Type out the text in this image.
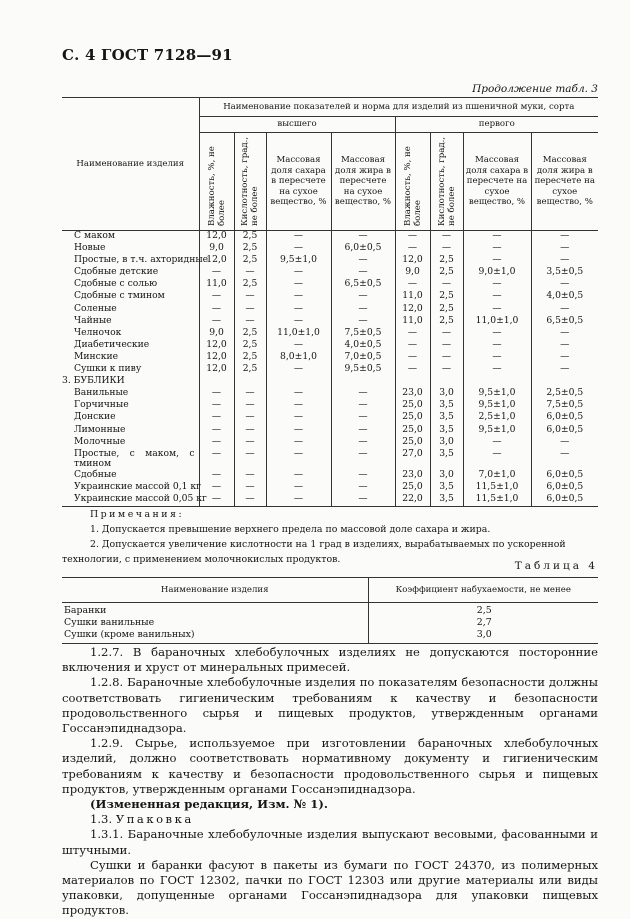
С. 4 ГОСТ 7128—91
Продолжение табл. 3
Наименование изделия	Наименование показателей и норма для изделий из пшеничной муки, сорта							
	высшего				первого			
	Влажность, %, не более	Кислотность, град., не более	Массовая доля сахара в пересчете на сухое вещество, %	Массовая доля жира в пересчете на сухое вещество, %	Влажность, %, не более	Кислотность, град., не более	Массовая доля сахара в пересчете на сухое вещество, %	Массовая доля жира в пересчете на сухое вещество, %
С маком	12,0	2,5	—	—	—	—	—	—
Новые	9,0	2,5	—	6,0±0,5	—	—	—	—
Простые, в т.ч. ахторидные	12,0	2,5	9,5±1,0	—	12,0	2,5	—	—
Сдобные детские	—	—	—	—	9,0	2,5	9,0±1,0	3,5±0,5
Сдобные с солью	11,0	2,5	—	6,5±0,5	—	—	—	—
Сдобные с тмином	—	—	—	—	11,0	2,5	—	4,0±0,5
Соленые	—	—	—	—	12,0	2,5	—	—
Чайные	—	—	—	—	11,0	2,5	11,0±1,0	6,5±0,5
Челночок	9,0	2,5	11,0±1,0	7,5±0,5	—	—	—	—
Диабетические	12,0	2,5	—	4,0±0,5	—	—	—	—
Минские	12,0	2,5	8,0±1,0	7,0±0,5	—	—	—	—
Сушки к пиву	12,0	2,5	—	9,5±0,5	—	—	—	—
3. БУБЛИКИ								
Ванильные	—	—	—	—	23,0	3,0	9,5±1,0	2,5±0,5
Горчичные	—	—	—	—	25,0	3,5	9,5±1,0	7,5±0,5
Донские	—	—	—	—	25,0	3,5	2,5±1,0	6,0±0,5
Лимонные	—	—	—	—	25,0	3,5	9,5±1,0	6,0±0,5
Молочные	—	—	—	—	25,0	3,0	—	—
Простые, с маком, с тмином	—	—	—	—	27,0	3,5	—	—
Сдобные	—	—	—	—	23,0	3,0	7,0±1,0	6,0±0,5
Украинские массой 0,1 кг	—	—	—	—	25,0	3,5	11,5±1,0	6,0±0,5
Украинские массой 0,05 кг	—	—	—	—	22,0	3,5	11,5±1,0	6,0±0,5
Примечания:

1. Допускается превышение верхнего предела по массовой доле сахара и жира.

2. Допускается увеличение кислотности на 1 град в изделиях, вырабатываемых по ускоренной технологии, с применением молочнокислых продуктов.

Таблица 4
Наименование изделия	Коэффициент набухаемости, не менее
Баранки	2,5
Сушки ванильные	2,7
Сушки (кроме ванильных)	3,0

1.2.7. В бараночных хлебобулочных изделиях не допускаются посторонние включения и хруст от минеральных примесей.

1.2.8. Бараночные хлебобулочные изделия по показателям безопасности должны соответствовать гигиеническим требованиям к качеству и безопасности продовольственного сырья и пищевых продуктов, утвержденным органами Госсанэпиднадзора.

1.2.9. Сырье, используемое при изготовлении бараночных хлебобулочных изделий, должно соответствовать нормативному документу и гигиеническим требованиям к качеству и безопасности продовольственного сырья и пищевых продуктов, утвержденным органами Госсанэпиднадзора.

(Измененная редакция, Изм. № 1).

1.3. Упаковка

1.3.1. Бараночные хлебобулочные изделия выпускают весовыми, фасованными и штучными.

Сушки и баранки фасуют в пакеты из бумаги по ГОСТ 24370, из полимерных материалов по ГОСТ 12302, пачки по ГОСТ 12303 или другие материалы или виды упаковки, допущенные органами Госсанэпиднадзора для упаковки пищевых продуктов.
